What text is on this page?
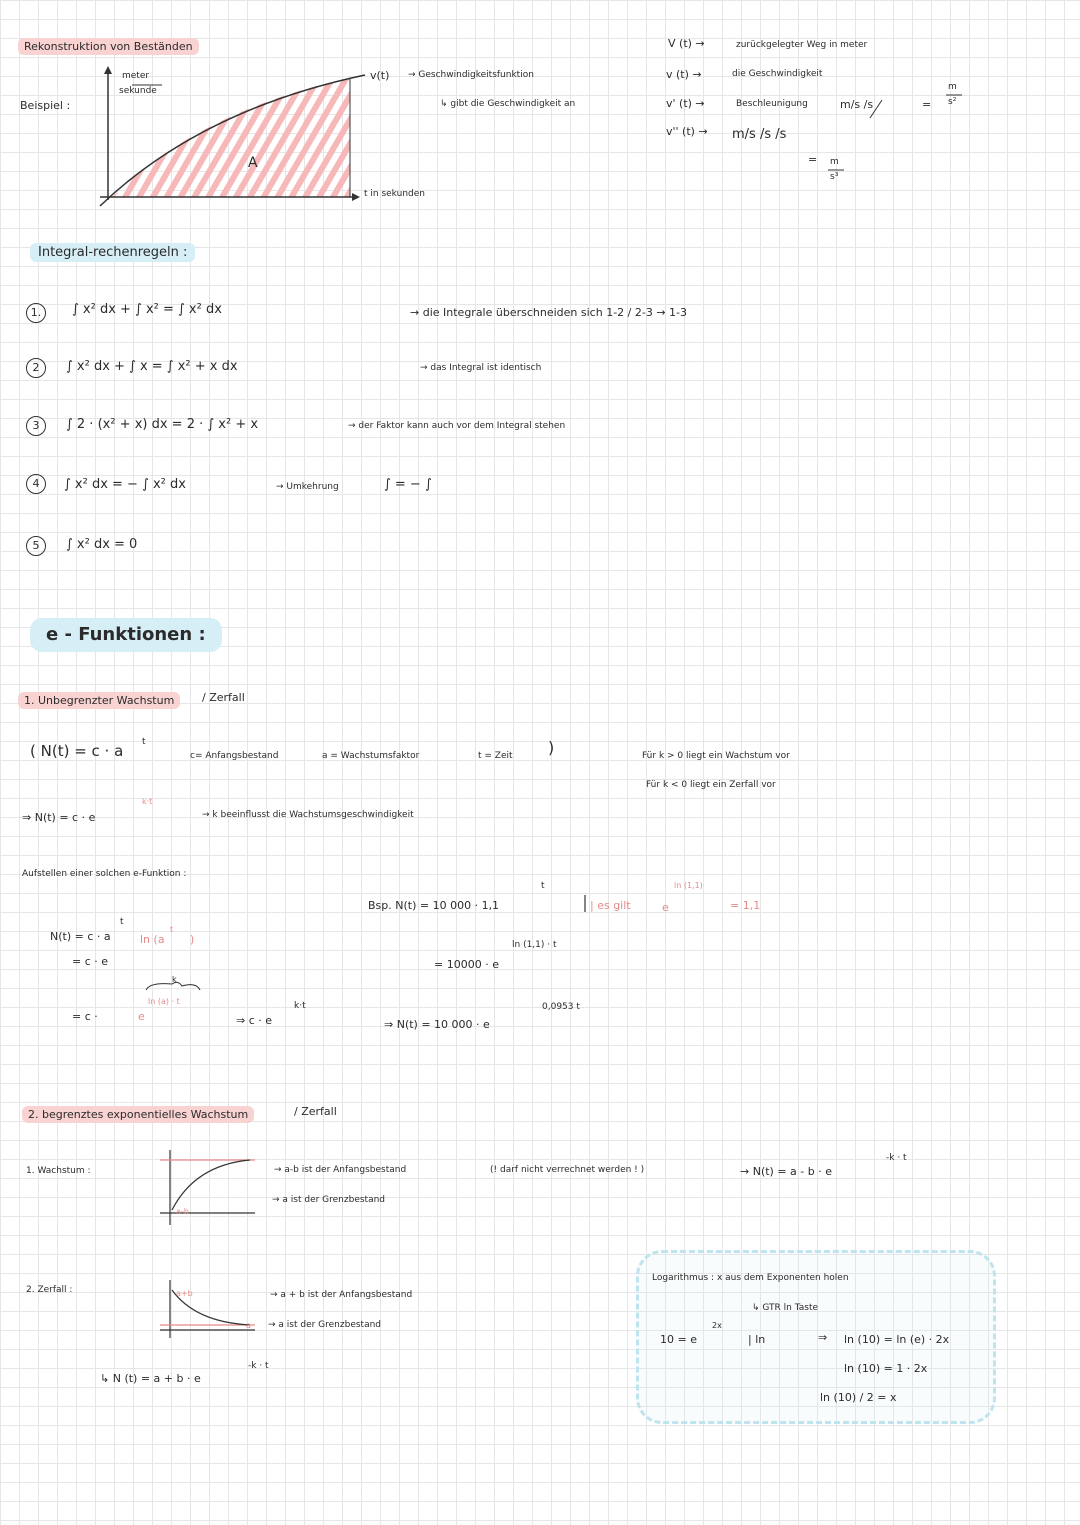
Rekonstruktion von Beständen
Beispiel :
meter
sekunde
A
t in sekunden
v(t) → Geschwindigkeitsfunktion
↳ gibt die Geschwindigkeit an
V (t) →	zurückgelegter Weg in meter
v (t) →	die Geschwindigkeit
v' (t) →	Beschleunigung	m/s /s	=
m
s²
v'' (t) → m/s /s /s
= m
s³
Integral-rechenregeln :
1.	∫ x² dx + ∫ x² = ∫ x² dx	→ die Integrale überschneiden sich 1-2 / 2-3 → 1-3
2	∫ x² dx + ∫ x = ∫ x² + x dx	→ das Integral ist identisch
3	∫ 2 · (x² + x) dx = 2 · ∫ x² + x	→ der Faktor kann auch vor dem Integral stehen
4	∫ x² dx = − ∫ x² dx	→ Umkehrung	∫ = − ∫
5	∫ x² dx = 0
e - Funktionen :
1. Unbegrenzter Wachstum	/ Zerfall
( N(t) = c · a t
c= Anfangsbestand	a = Wachstumsfaktor	t = Zeit )	Für k > 0 liegt ein Wachstum vor
Für k < 0 liegt ein Zerfall vor
⇒ N(t) = c · e
k·t
→ k beeinflusst die Wachstumsgeschwindigkeit
Aufstellen einer solchen e-Funktion :
N(t) = c · a
t
ln (a
t
)
= c · e
= c ·	e
ln (a) · t
k
⇒ c · e
k·t
Bsp. N(t) = 10 000 · 1,1
t
| es gilt	e
ln (1,1)
= 1,1
= 10000 · e
ln (1,1) · t
⇒ N(t) = 10 000 · e
0,0953 t
2. begrenztes exponentielles Wachstum	/ Zerfall
1. Wachstum :
a-b
→ a-b ist der Anfangsbestand	(! darf nicht verrechnet werden ! )
→ a ist der Grenzbestand
→ N(t) = a - b · e
-k · t
2. Zerfall :	a+b
a
→ a + b ist der Anfangsbestand
→ a ist der Grenzbestand
↳ N (t) = a + b · e
-k · t
Logarithmus : x aus dem Exponenten holen
↳ GTR ln Taste
10 = e
2x
| ln	⇒ ln (10) = ln (e) · 2x
ln (10) = 1 · 2x
ln (10) / 2 = x
